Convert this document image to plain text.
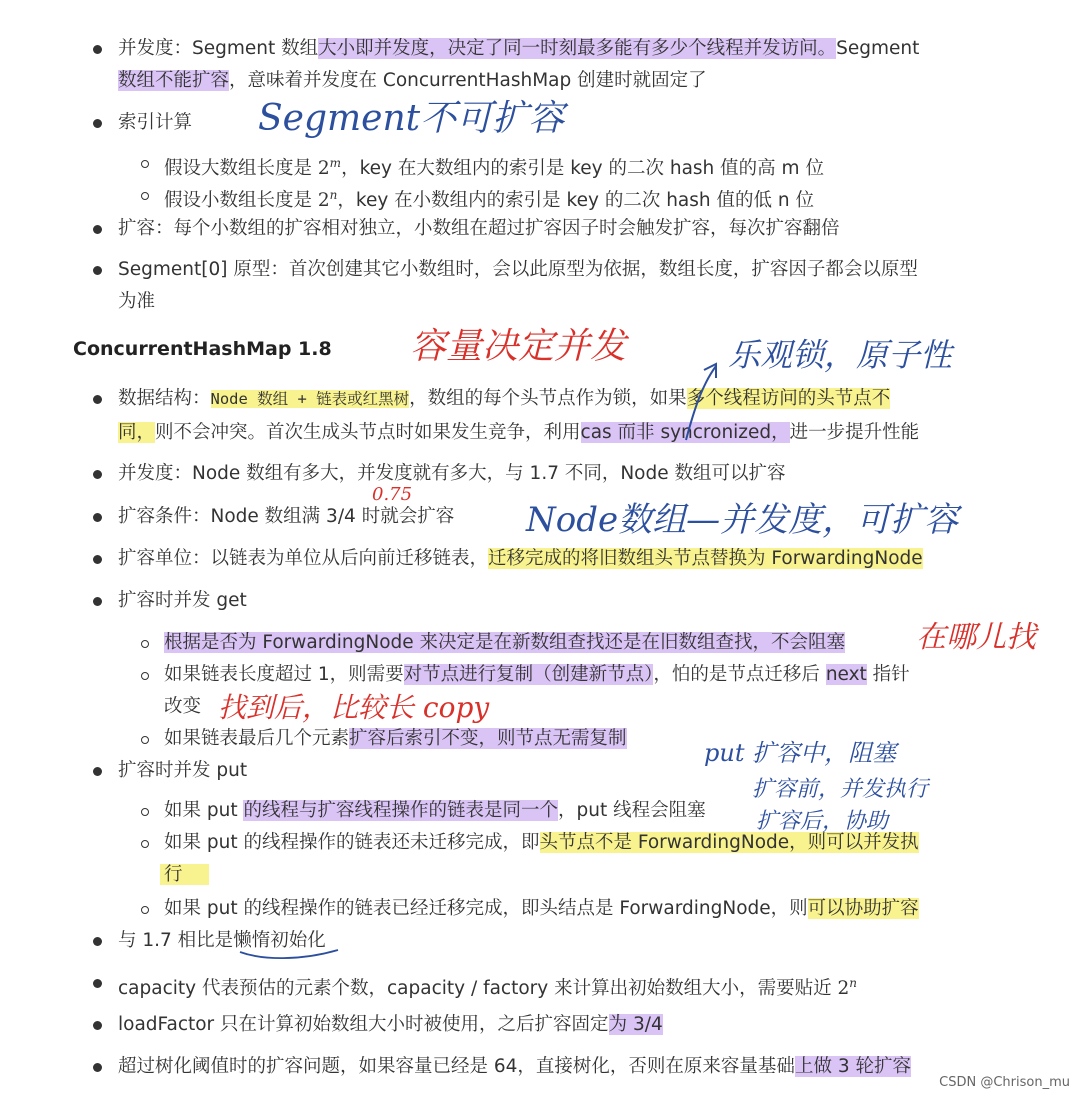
并发度：Segment 数组大小即并发度，决定了同一时刻最多能有多少个线程并发访问。Segment
数组不能扩容，意味着并发度在 ConcurrentHashMap 创建时就固定了
索引计算
假设大数组长度是 2$^m$，key 在大数组内的索引是 key 的二次 hash 值的高 m 位
假设小数组长度是 2$^n$，key 在小数组内的索引是 key 的二次 hash 值的低 n 位
扩容：每个小数组的扩容相对独立，小数组在超过扩容因子时会触发扩容，每次扩容翻倍
Segment[0] 原型：首次创建其它小数组时，会以此原型为依据，数组长度，扩容因子都会以原型
为准
ConcurrentHashMap 1.8
数据结构：Node 数组 + 链表或红黑树，数组的每个头节点作为锁，如果多个线程访问的头节点不
同，则不会冲突。首次生成头节点时如果发生竞争，利用cas 而非 syncronized，进一步提升性能
并发度：Node 数组有多大，并发度就有多大，与 1.7 不同，Node 数组可以扩容
扩容条件：Node 数组满 3/4 时就会扩容
扩容单位：以链表为单位从后向前迁移链表，迁移完成的将旧数组头节点替换为 ForwardingNode
扩容时并发 get
根据是否为 ForwardingNode 来决定是在新数组查找还是在旧数组查找，不会阻塞
如果链表长度超过 1，则需要对节点进行复制（创建新节点），怕的是节点迁移后 next 指针
改变
如果链表最后几个元素扩容后索引不变，则节点无需复制
扩容时并发 put
如果 put 的线程与扩容线程操作的链表是同一个，put 线程会阻塞
如果 put 的线程操作的链表还未迁移完成，即头节点不是 ForwardingNode，则可以并发执
行
如果 put 的线程操作的链表已经迁移完成，即头结点是 ForwardingNode，则可以协助扩容
与 1.7 相比是懒惰初始化
capacity 代表预估的元素个数，capacity / factory 来计算出初始数组大小，需要贴近 2$^n$
loadFactor 只在计算初始数组大小时被使用，之后扩容固定为 3/4
超过树化阈值时的扩容问题，如果容量已经是 64，直接树化，否则在原来容量基础上做 3 轮扩容
Segment不可扩容
容量决定并发	乐观锁，原子性
0.75
Node数组—并发度，可扩容
在哪儿找
找到后，比较长 copy
put 扩容中，阻塞
扩容前，并发执行
扩容后，协助
CSDN @Chrison_mu
